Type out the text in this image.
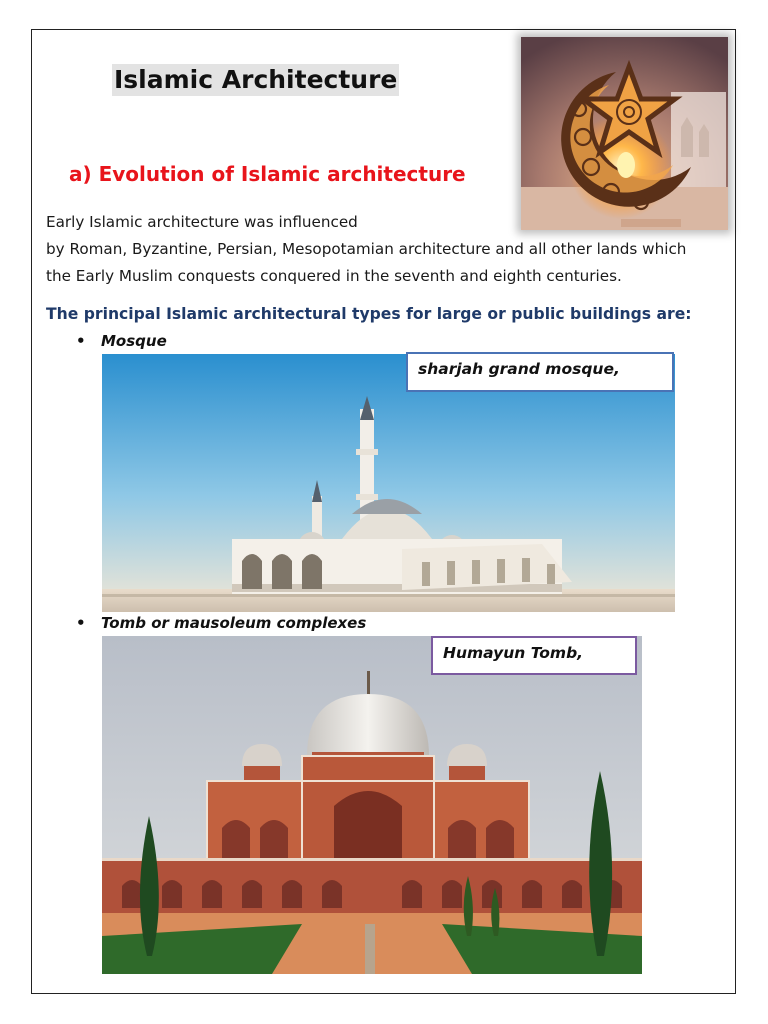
Islamic Architecture
a) Evolution of Islamic architecture
Early Islamic architecture was influenced
by Roman, Byzantine, Persian, Mesopotamian architecture and all other lands which
the Early Muslim conquests conquered in the seventh and eighth centuries.
The principal Islamic architectural types for large or public buildings are:
• Mosque
sharjah grand mosque,
• Tomb or mausoleum complexes
Humayun Tomb,
